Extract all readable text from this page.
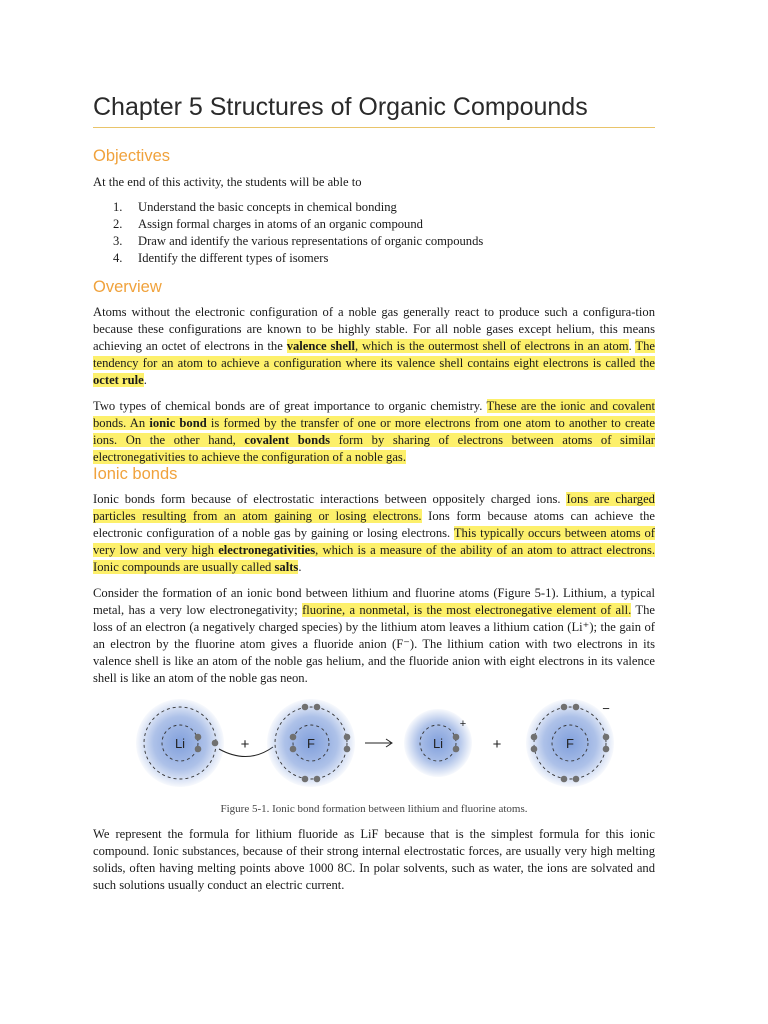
Chapter 5 Structures of Organic Compounds
Objectives

At the end of this activity, the students will be able to

1. Understand the basic concepts in chemical bonding
2. Assign formal charges in atoms of an organic compound
3. Draw and identify the various representations of organic compounds
4. Identify the different types of isomers
Overview

Atoms without the electronic configuration of a noble gas generally react to produce such a configura-tion because these configurations are known to be highly stable. For all noble gases except helium, this means achieving an octet of electrons in the valence shell, which is the outermost shell of electrons in an atom. The tendency for an atom to achieve a configuration where its valence shell contains eight electrons is called the octet rule.

Two types of chemical bonds are of great importance to organic chemistry. These are the ionic and covalent bonds. An ionic bond is formed by the transfer of one or more electrons from one atom to another to create ions. On the other hand, covalent bonds form by sharing of electrons between atoms of similar electronegativities to achieve the configuration of a noble gas.

Ionic bonds

Ionic bonds form because of electrostatic interactions between oppositely charged ions. Ions are charged particles resulting from an atom gaining or losing electrons. Ions form because atoms can achieve the electronic configuration of a noble gas by gaining or losing electrons. This typically occurs between atoms of very low and very high electronegativities, which is a measure of the ability of an atom to attract electrons. Ionic compounds are usually called salts.

Consider the formation of an ionic bond between lithium and fluorine atoms (Figure 5-1). Lithium, a typical metal, has a very low electronegativity; fluorine, a nonmetal, is the most electronegative element of all. The loss of an electron (a negatively charged species) by the lithium atom leaves a lithium cation (Li⁺); the gain of an electron by the fluorine atom gives a fluoride anion (F⁻). The lithium cation with two electrons in its valence shell is like an atom of the noble gas helium, and the fluoride anion with eight electrons in its valence shell is like an atom of the noble gas neon.

Li	+	F	Li
+
+	F
−

Figure 5-1. Ionic bond formation between lithium and fluorine atoms.

We represent the formula for lithium fluoride as LiF because that is the simplest formula for this ionic compound. Ionic substances, because of their strong internal electrostatic forces, are usually very high melting solids, often having melting points above 1000 8C. In polar solvents, such as water, the ions are solvated and such solutions usually conduct an electric current.
